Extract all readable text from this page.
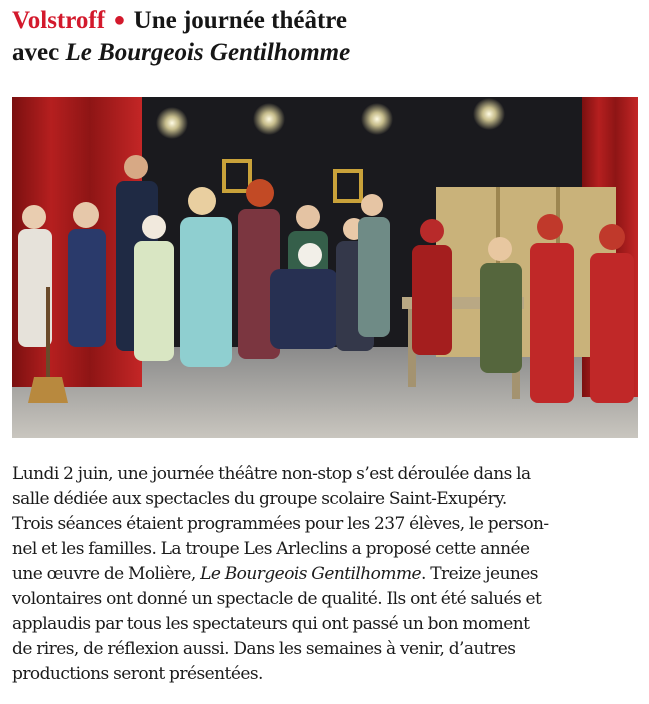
Volstroff ● Une journée théâtre
avec Le Bourgeois Gentilhomme

Lundi 2 juin, une journée théâtre non-stop s’est déroulée dans la
salle dédiée aux spectacles du groupe scolaire Saint-Exupéry.
Trois séances étaient programmées pour les 237 élèves, le person-
nel et les familles. La troupe Les Arleclins a proposé cette année
une œuvre de Molière, Le Bourgeois Gentilhomme. Treize jeunes
volontaires ont donné un spectacle de qualité. Ils ont été salués et
applaudis par tous les spectateurs qui ont passé un bon moment
de rires, de réflexion aussi. Dans les semaines à venir, d’autres
productions seront présentées.
